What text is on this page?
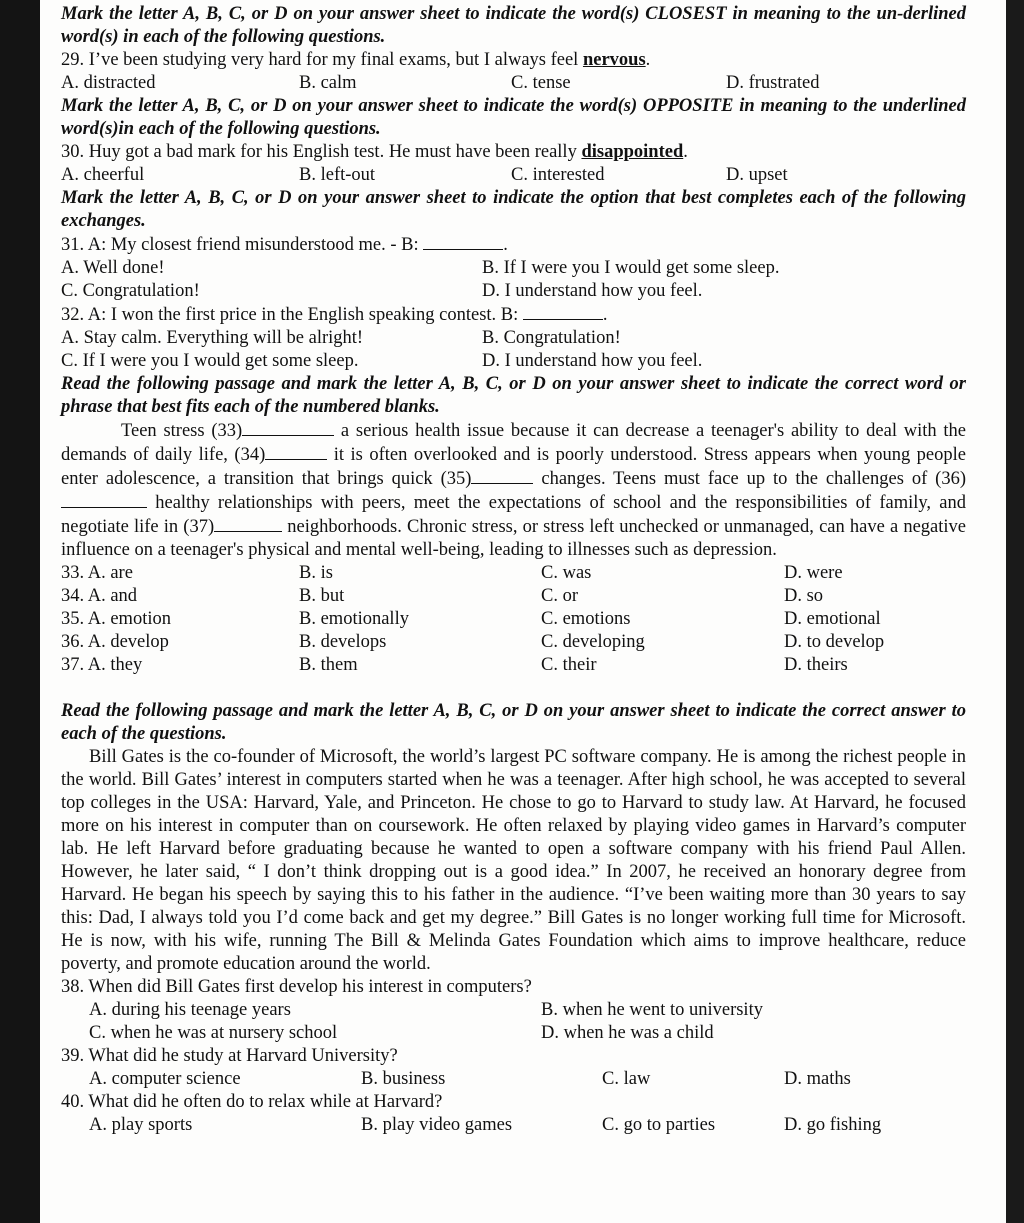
Mark the letter A, B, C, or D on your answer sheet to indicate the word(s) CLOSEST in meaning to the un-derlined word(s) in each of the following questions.
29. I’ve been studying very hard for my final exams, but I always feel nervous.
A. distracted	B. calm	C. tense	D. frustrated
Mark the letter A, B, C, or D on your answer sheet to indicate the word(s) OPPOSITE in meaning to the underlined word(s)in each of the following questions.
30. Huy got a bad mark for his English test. He must have been really disappointed.
A. cheerful	B. left-out	C. interested	D. upset
Mark the letter A, B, C, or D on your answer sheet to indicate the option that best completes each of the following exchanges.
31. A: My closest friend misunderstood me. - B:	.
A. Well done!	B. If I were you I would get some sleep.
C. Congratulation!	D. I understand how you feel.
32. A: I won the first price in the English speaking contest. B:	.
A. Stay calm. Everything will be alright!	B. Congratulation!
C. If I were you I would get some sleep.	D. I understand how you feel.
Read the following passage and mark the letter A, B, C, or D on your answer sheet to indicate the correct word or phrase that best fits each of the numbered blanks.

Teen stress (33)	a serious health issue because it can decrease a teenager's ability to deal with the demands of daily life, (34)	it is often overlooked and is poorly understood. Stress appears when young people enter adolescence, a transition that brings quick (35)	changes. Teens must face up to the challenges of (36) healthy relationships with peers, meet the expectations of school and the responsibilities of family, and negotiate life in (37)	neighborhoods. Chronic stress, or stress left unchecked or unmanaged, can have a negative influence on a teenager's physical and mental well-being, leading to illnesses such as depression.

33. A. are	B. is	C. was	D. were
34. A. and	B. but	C. or	D. so
35. A. emotion	B. emotionally	C. emotions	D. emotional
36. A. develop	B. develops	C. developing	D. to develop
37. A. they	B. them	C. their	D. theirs
Read the following passage and mark the letter A, B, C, or D on your answer sheet to indicate the correct answer to each of the questions.

Bill Gates is the co-founder of Microsoft, the world’s largest PC software company. He is among the richest people in the world. Bill Gates’ interest in computers started when he was a teenager. After high school, he was accepted to several top colleges in the USA: Harvard, Yale, and Princeton. He chose to go to Harvard to study law. At Harvard, he focused more on his interest in computer than on coursework. He often relaxed by playing video games in Harvard’s computer lab. He left Harvard before graduating because he wanted to open a software company with his friend Paul Allen. However, he later said, “ I don’t think dropping out is a good idea.” In 2007, he received an honorary degree from Harvard. He began his speech by saying this to his father in the audience. “I’ve been waiting more than 30 years to say this: Dad, I always told you I’d come back and get my degree.” Bill Gates is no longer working full time for Microsoft. He is now, with his wife, running The Bill & Melinda Gates Foundation which aims to improve healthcare, reduce poverty, and promote education around the world.

38. When did Bill Gates first develop his interest in computers?
A. during his teenage years	B. when he went to university
C. when he was at nursery school	D. when he was a child
39. What did he study at Harvard University?
A. computer science	B. business	C. law	D. maths
40. What did he often do to relax while at Harvard?
A. play sports	B. play video games	C. go to parties	D. go fishing
